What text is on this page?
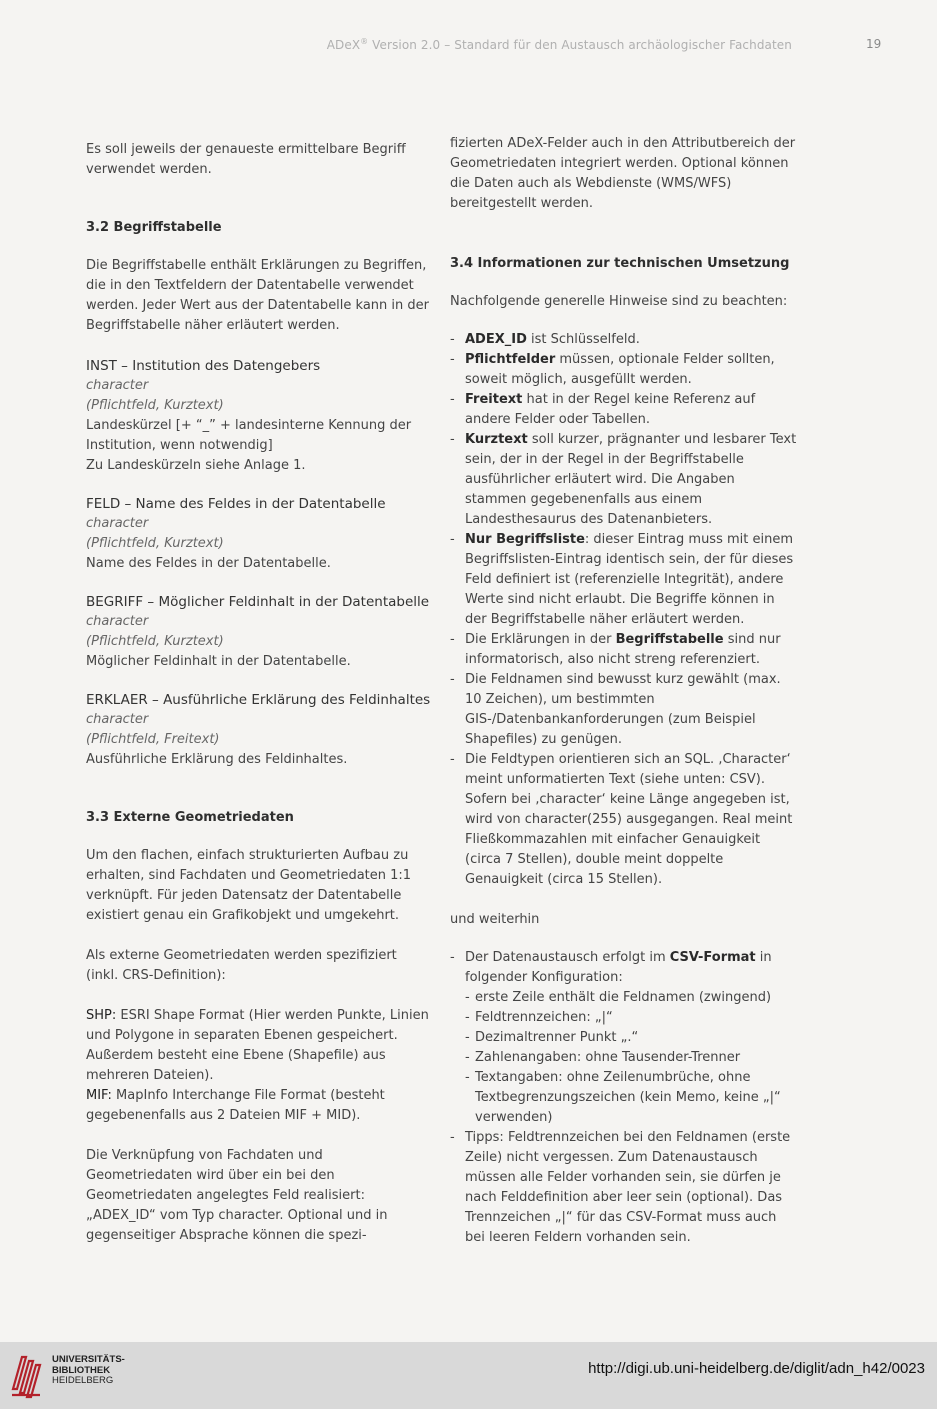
ADeX® Version 2.0 – Standard für den Austausch archäologischer Fachdaten	19

Es soll jeweils der genaueste ermittelbare Begriff verwendet werden.

3.2 Begriffstabelle

Die Begriffstabelle enthält Erklärungen zu Begriffen, die in den Textfeldern der Datentabelle verwendet werden. Jeder Wert aus der Datentabelle kann in der Begriffstabelle näher erläutert werden.

INST – Institution des Datengebers
character
(Pflichtfeld, Kurztext)
Landeskürzel [+ “_” + landesinterne Kennung der Institution, wenn notwendig]
Zu Landeskürzeln siehe Anlage 1.
FELD – Name des Feldes in der Datentabelle
character
(Pflichtfeld, Kurztext)
Name des Feldes in der Datentabelle.
BEGRIFF – Möglicher Feldinhalt in der Datentabelle
character
(Pflichtfeld, Kurztext)
Möglicher Feldinhalt in der Datentabelle.
ERKLAER – Ausführliche Erklärung des Feldinhaltes
character
(Pflichtfeld, Freitext)
Ausführliche Erklärung des Feldinhaltes.

3.3 Externe Geometriedaten

Um den flachen, einfach strukturierten Aufbau zu erhalten, sind Fachdaten und Geometriedaten 1:1 verknüpft. Für jeden Datensatz der Datentabelle existiert genau ein Grafikobjekt und umgekehrt.

Als externe Geometriedaten werden spezifiziert (inkl. CRS-Definition):

SHP: ESRI Shape Format (Hier werden Punkte, Linien und Polygone in separaten Ebenen gespeichert. Außerdem besteht eine Ebene (Shapefile) aus mehreren Dateien).

MIF: MapInfo Interchange File Format (besteht gegebenenfalls aus 2 Dateien MIF + MID).

Die Verknüpfung von Fachdaten und Geometriedaten wird über ein bei den Geometriedaten angelegtes Feld realisiert: „ADEX_ID“ vom Typ character. Optional und in gegenseitiger Absprache können die spezi-

fizierten ADeX-Felder auch in den Attributbereich der Geometriedaten integriert werden. Optional können die Daten auch als Webdienste (WMS/WFS) bereitgestellt werden.

3.4 Informationen zur technischen Umsetzung

Nachfolgende generelle Hinweise sind zu beachten:

- ADEX_ID ist Schlüsselfeld.
- Pflichtfelder müssen, optionale Felder sollten, soweit möglich, ausgefüllt werden.
- Freitext hat in der Regel keine Referenz auf andere Felder oder Tabellen.
- Kurztext soll kurzer, prägnanter und lesbarer Text sein, der in der Regel in der Begriffstabelle ausführlicher erläutert wird. Die Angaben stammen gegebenenfalls aus einem Landesthesaurus des Datenanbieters.
- Nur Begriffsliste: dieser Eintrag muss mit einem Begriffslisten-Eintrag identisch sein, der für dieses Feld definiert ist (referenzielle Integrität), andere Werte sind nicht erlaubt. Die Begriffe können in der Begriffstabelle näher erläutert werden.
- Die Erklärungen in der Begriffstabelle sind nur informatorisch, also nicht streng referenziert.
- Die Feldnamen sind bewusst kurz gewählt (max. 10 Zeichen), um bestimmten GIS-/Datenbankanforderungen (zum Beispiel Shapefiles) zu genügen.
- Die Feldtypen orientieren sich an SQL. ‚Character‘ meint unformatierten Text (siehe unten: CSV). Sofern bei ‚character‘ keine Länge angegeben ist, wird von character(255) ausgegangen. Real meint Fließkommazahlen mit einfacher Genauigkeit (circa 7 Stellen), double meint doppelte Genauigkeit (circa 15 Stellen).

und weiterhin

- Der Datenaustausch erfolgt im CSV-Format in folgender Konfiguration:
- erste Zeile enthält die Feldnamen (zwingend)
- Feldtrennzeichen: „|“
- Dezimaltrenner Punkt „.“
- Zahlenangaben: ohne Tausender-Trenner
- Textangaben: ohne Zeilenumbrüche, ohne Textbegrenzungszeichen (kein Memo, keine „|“ verwenden)
- Tipps: Feldtrennzeichen bei den Feldnamen (erste Zeile) nicht vergessen. Zum Datenaustausch müssen alle Felder vorhanden sein, sie dürfen je nach Felddefinition aber leer sein (optional). Das Trennzeichen „|“ für das CSV-Format muss auch bei leeren Feldern vorhanden sein.
UNIVERSITÄTS-
BIBLIOTHEK
HEIDELBERG
http://digi.ub.uni-heidelberg.de/diglit/adn_h42/0023
